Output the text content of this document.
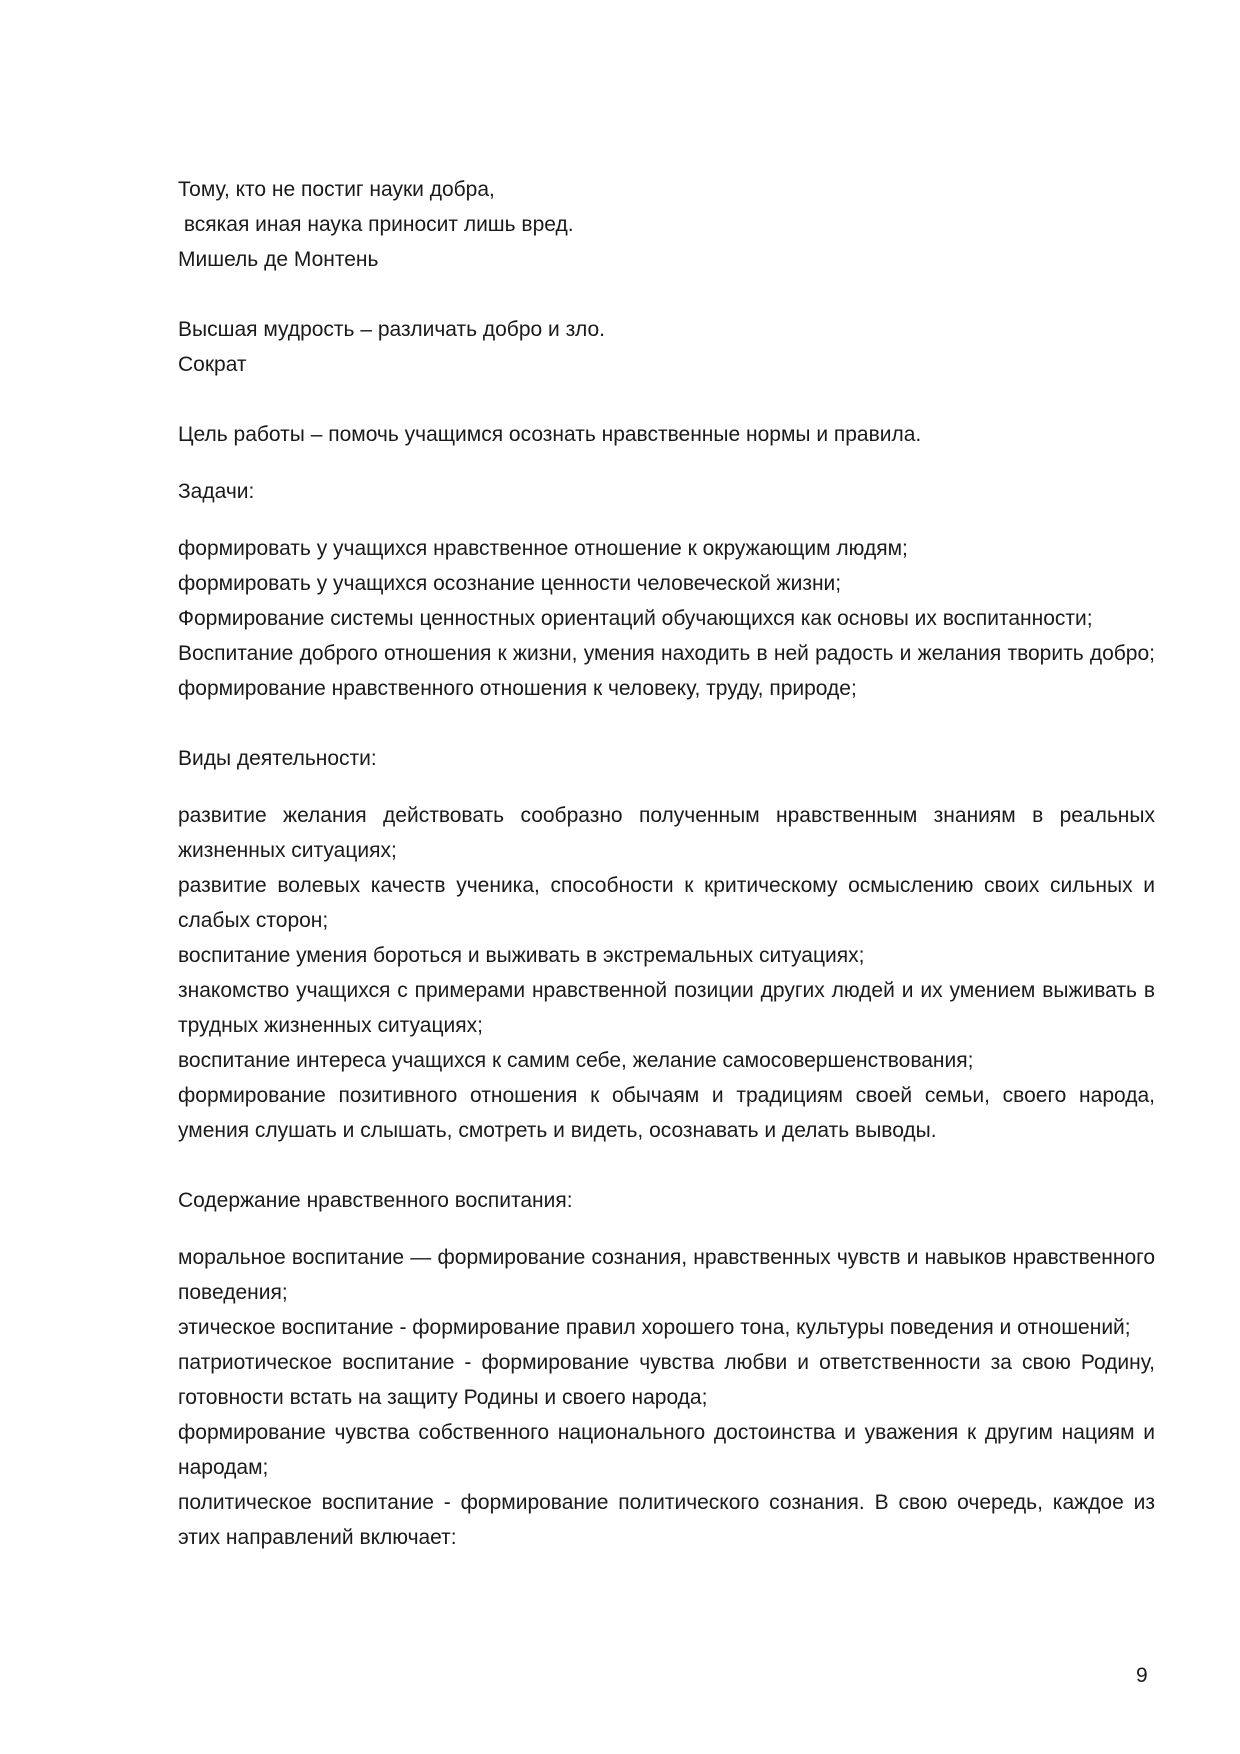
Тому, кто не постиг науки добра,
всякая иная наука приносит лишь вред.
Мишель де Монтень
Высшая мудрость – различать добро и зло.
Сократ

Цель работы – помочь учащимся осознать нравственные нормы и правила.

Задачи:

формировать у учащихся нравственное отношение к окружающим людям;
формировать у учащихся осознание ценности человеческой жизни;
Формирование системы ценностных ориентаций обучающихся как основы их воспитанности;
Воспитание доброго отношения к жизни, умения находить в ней радость и желания творить добро; формирование нравственного отношения к человеку, труду, природе;

Виды деятельности:

развитие желания действовать сообразно полученным нравственным знаниям в реальных жизненных ситуациях;
развитие волевых качеств ученика, способности к критическому осмыслению своих сильных и слабых сторон;
воспитание умения бороться и выживать в экстремальных ситуациях;
знакомство учащихся с примерами нравственной позиции других людей и их умением выживать в трудных жизненных ситуациях;
воспитание интереса учащихся к самим себе, желание самосовершенствования;
формирование позитивного отношения к обычаям и традициям своей семьи, своего народа, умения слушать и слышать, смотреть и видеть, осознавать и делать выводы.

Содержание нравственного воспитания:

моральное воспитание — формирование сознания, нравственных чувств и навыков нравственного поведения;
этическое воспитание - формирование правил хорошего тона, культуры поведения и отношений;
патриотическое воспитание - формирование чувства любви и ответственности за свою Родину, готовности встать на защиту Родины и своего народа;
формирование чувства собственного национального достоинства и уважения к другим нациям и народам;
политическое воспитание - формирование политического сознания. В свою очередь, каждое из этих направлений включает:
9
